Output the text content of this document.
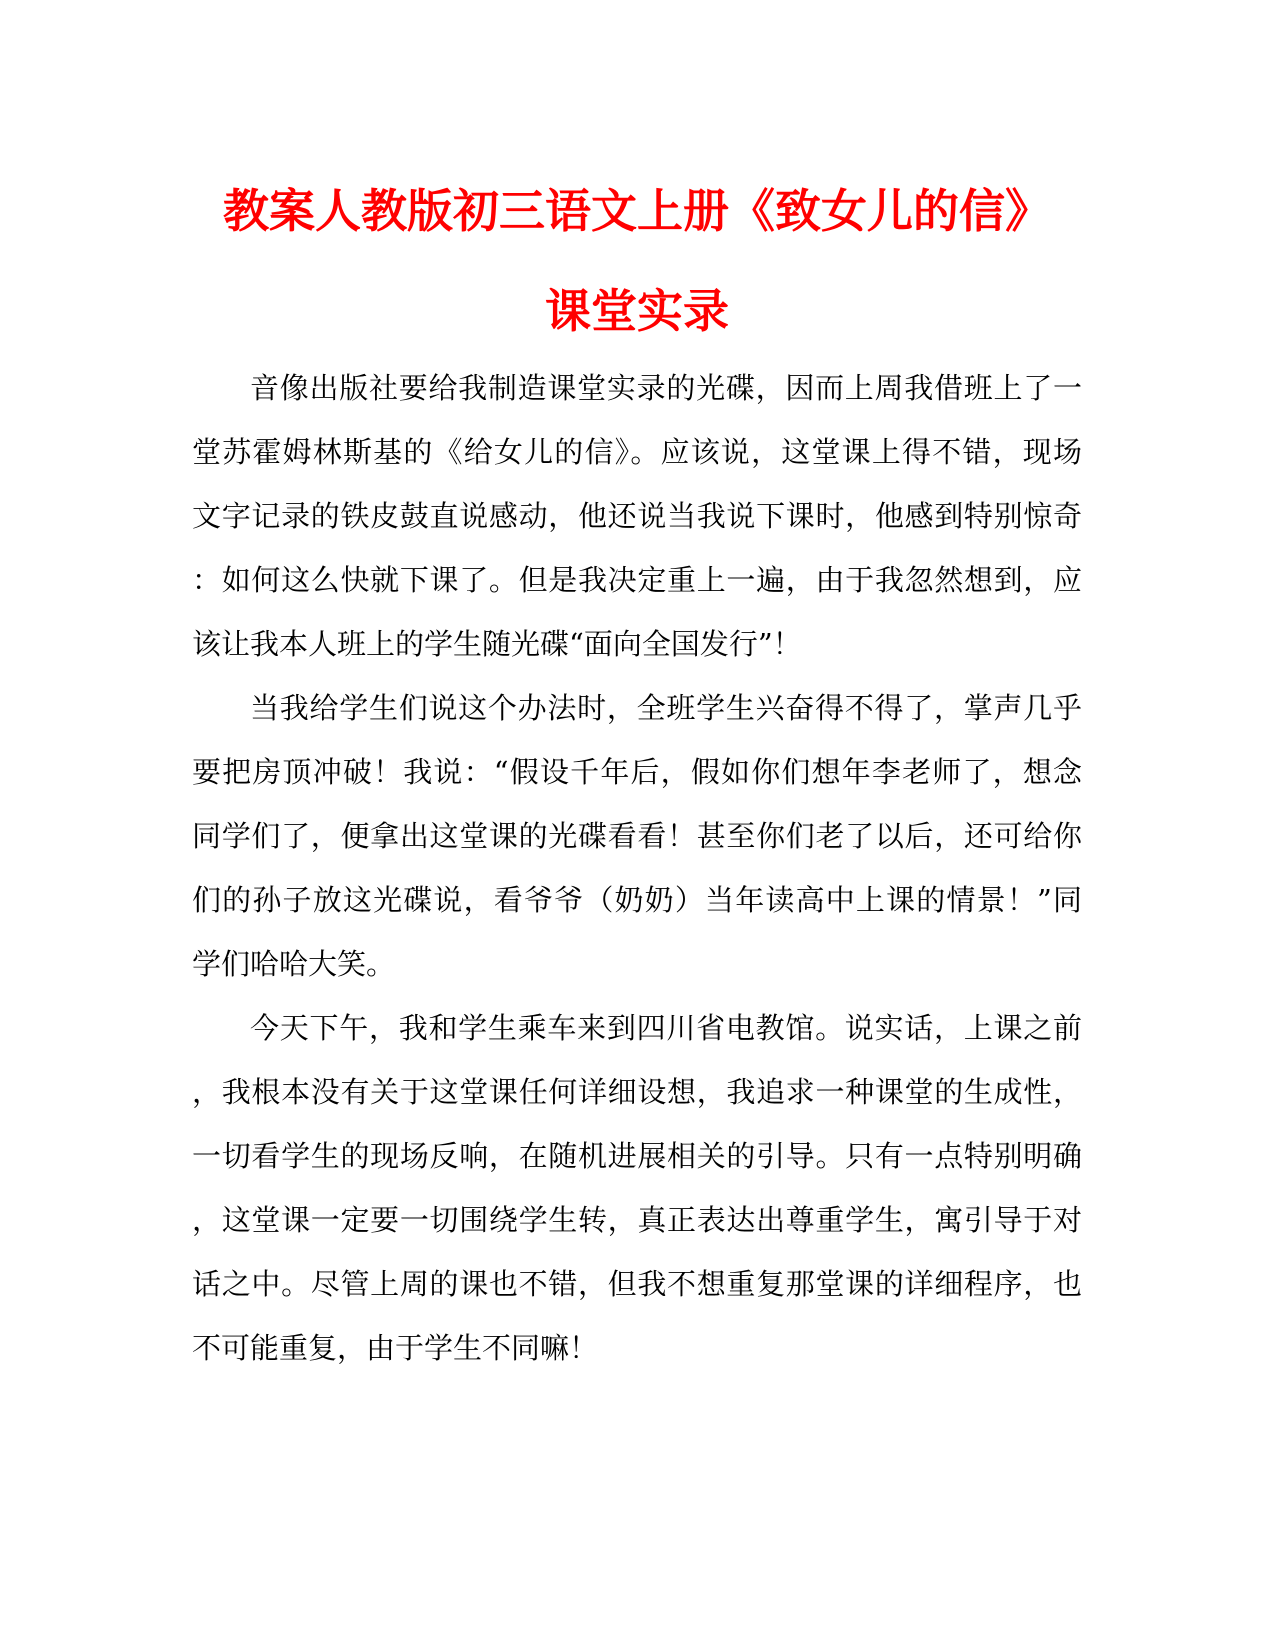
教案人教版初三语文上册《致女儿的信》
课堂实录
音像出版社要给我制造课堂实录的光碟，因而上周我借班上了一
堂苏霍姆林斯基的《给女儿的信》。应该说，这堂课上得不错，现场
文字记录的铁皮鼓直说感动，他还说当我说下课时，他感到特别惊奇
：如何这么快就下课了。但是我决定重上一遍，由于我忽然想到，应
该让我本人班上的学生随光碟“面向全国发行”！
当我给学生们说这个办法时，全班学生兴奋得不得了，掌声几乎
要把房顶冲破！我说：“假设千年后，假如你们想年李老师了，想念
同学们了，便拿出这堂课的光碟看看！甚至你们老了以后，还可给你
们的孙子放这光碟说，看爷爷（奶奶）当年读高中上课的情景！”同
学们哈哈大笑。
今天下午，我和学生乘车来到四川省电教馆。说实话，上课之前
，我根本没有关于这堂课任何详细设想，我追求一种课堂的生成性，
一切看学生的现场反响，在随机进展相关的引导。只有一点特别明确
，这堂课一定要一切围绕学生转，真正表达出尊重学生，寓引导于对
话之中。尽管上周的课也不错，但我不想重复那堂课的详细程序，也
不可能重复，由于学生不同嘛！
